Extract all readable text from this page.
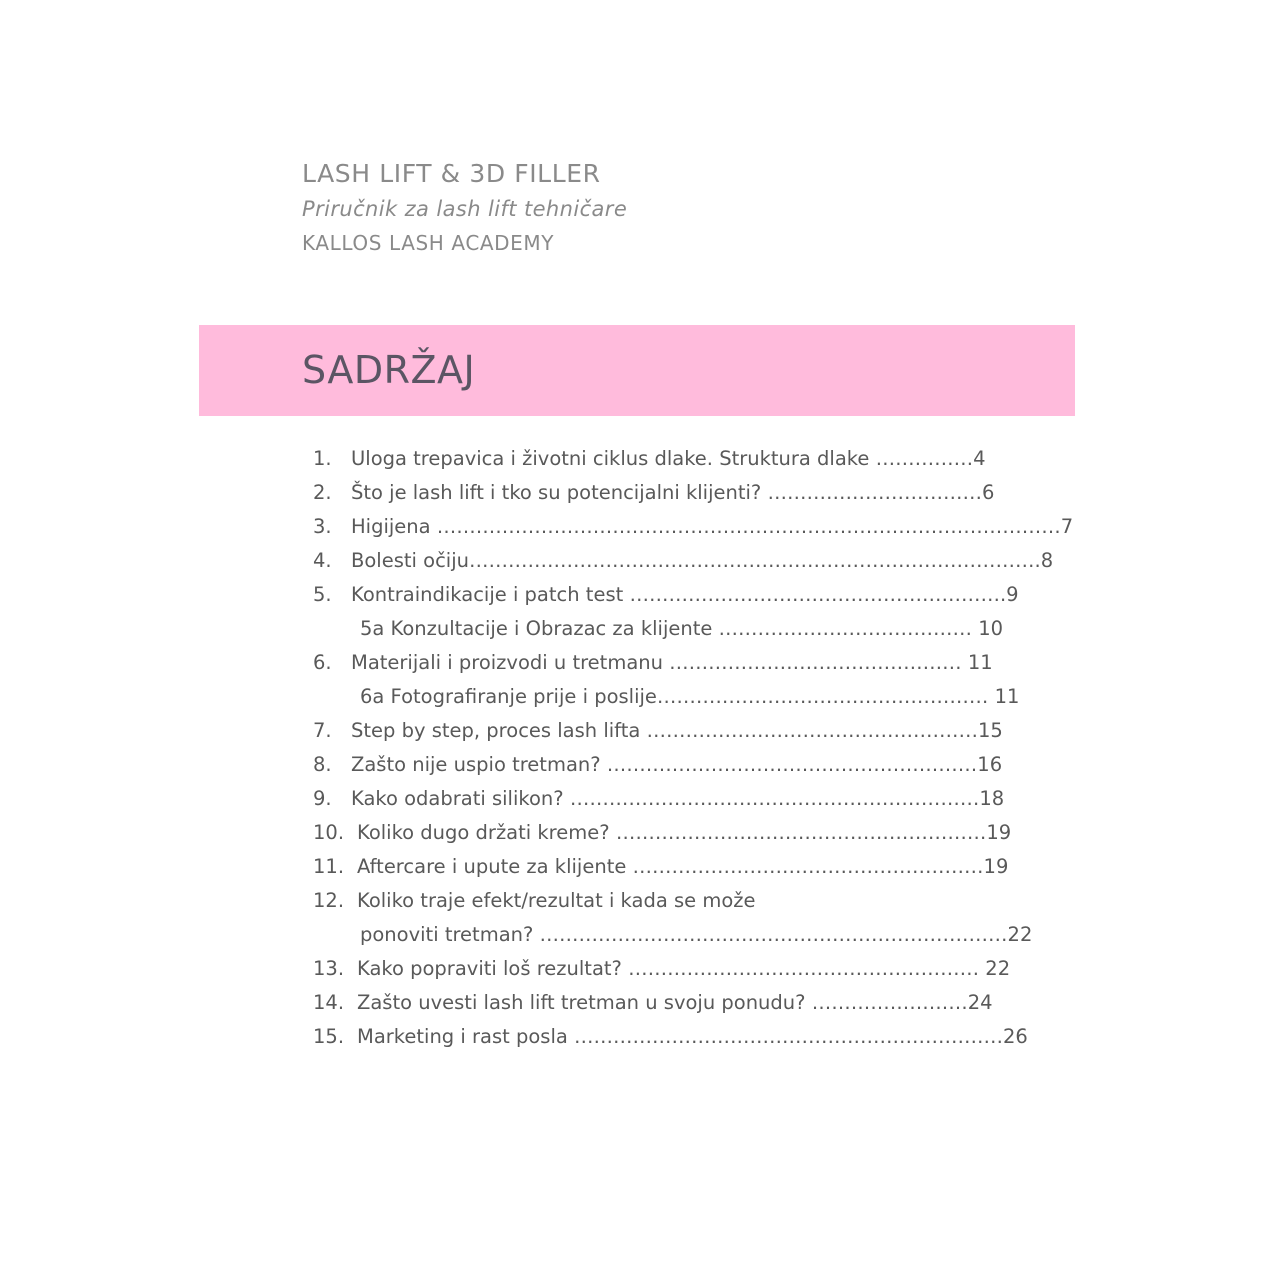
LASH LIFT & 3D FILLER
Priručnik za lash lift tehničare
KALLOS LASH ACADEMY
SADRŽAJ
1. Uloga trepavica i životni ciklus dlake. Struktura dlake ……………4
2. Što je lash lift i tko su potencijalni klijenti? ……………………………6
3. Higijena ……………………………………………………………………………………7
4. Bolesti očiju…………………………………………………………………………….8
5. Kontraindikacije i patch test ………………………………………………….9
5a Konzultacije i Obrazac za klijente ………………………………… 10
6. Materijali i proizvodi u tretmanu ……………………………………… 11
6a Fotografiranje prije i poslije…………………………………………… 11
7. Step by step, proces lash lifta ……………………………………………15
8. Zašto nije uspio tretman? …………………………………………………16
9. Kako odabrati silikon? ………………………………………………………18
10. Koliko dugo držati kreme? …………………………………………………19
11. Aftercare i upute za klijente ………………………………………………19
12. Koliko traje efekt/rezultat i kada se može
ponoviti tretman? ………………………………………………………………22
13. Kako popraviti loš rezultat? ……………………………………………… 22
14. Zašto uvesti lash lift tretman u svoju ponudu? ……………………24
15. Marketing i rast posla …………………………………………………………26
